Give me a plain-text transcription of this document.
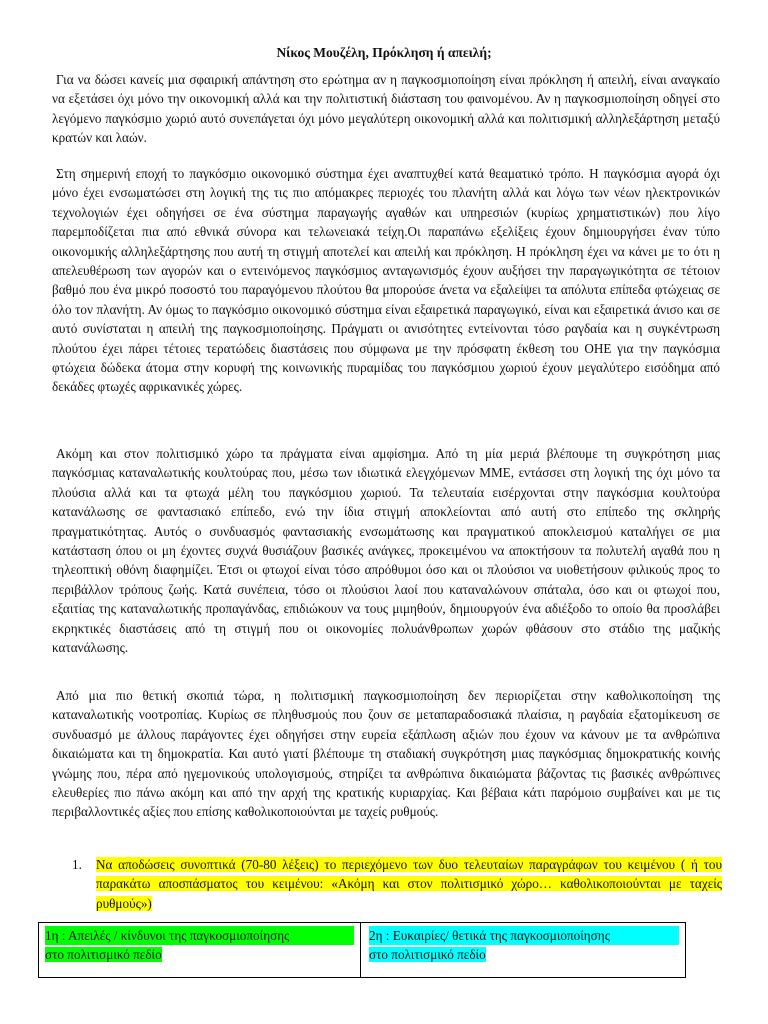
Νίκος Μουζέλη, Πρόκληση ή απειλή;
Για να δώσει κανείς μια σφαιρική απάντηση στο ερώτημα αν η παγκοσμιοποίηση είναι πρόκληση ή απειλή, είναι αναγκαίο να εξετάσει όχι μόνο την οικονομική αλλά και την πολιτιστική διάσταση του φαινομένου. Αν η παγκοσμιοποίηση οδηγεί στο λεγόμενο παγκόσμιο χωριό αυτό συνεπάγεται όχι μόνο μεγαλύτερη οικονομική αλλά και πολιτισμική αλληλεξάρτηση μεταξύ κρατών και λαών.
Στη σημερινή εποχή το παγκόσμιο οικονομικό σύστημα έχει αναπτυχθεί κατά θεαματικό τρόπο. Η παγκόσμια αγορά όχι μόνο έχει ενσωματώσει στη λογική της τις πιο απόμακρες περιοχές του πλανήτη αλλά και λόγω των νέων ηλεκτρονικών τεχνολογιών έχει οδηγήσει σε ένα σύστημα παραγωγής αγαθών και υπηρεσιών (κυρίως χρηματιστικών) που λίγο παρεμποδίζεται πια από εθνικά σύνορα και τελωνειακά τείχη.Οι παραπάνω εξελίξεις έχουν δημιουργήσει έναν τύπο οικονομικής αλληλεξάρτησης που αυτή τη στιγμή αποτελεί και απειλή και πρόκληση. Η πρόκληση έχει να κάνει με το ότι η απελευθέρωση των αγορών και ο εντεινόμενος παγκόσμιος ανταγωνισμός έχουν αυξήσει την παραγωγικότητα σε τέτοιον βαθμό που ένα μικρό ποσοστό του παραγόμενου πλούτου θα μπορούσε άνετα να εξαλείψει τα απόλυτα επίπεδα φτώχειας σε όλο τον πλανήτη. Αν όμως το παγκόσμιο οικονομικό σύστημα είναι εξαιρετικά παραγωγικό, είναι και εξαιρετικά άνισο και σε αυτό συνίσταται η απειλή της παγκοσμιοποίησης. Πράγματι οι ανισότητες εντείνονται τόσο ραγδαία και η συγκέντρωση πλούτου έχει πάρει τέτοιες τερατώδεις διαστάσεις που σύμφωνα με την πρόσφατη έκθεση του ΟΗΕ για την παγκόσμια φτώχεια δώδεκα άτομα στην κορυφή της κοινωνικής πυραμίδας του παγκόσμιου χωριού έχουν μεγαλύτερο εισόδημα από δεκάδες φτωχές αφρικανικές χώρες.
Ακόμη και στον πολιτισμικό χώρο τα πράγματα είναι αμφίσημα. Από τη μία μεριά βλέπουμε τη συγκρότηση μιας παγκόσμιας καταναλωτικής κουλτούρας που, μέσω των ιδιωτικά ελεγχόμενων ΜΜΕ, εντάσσει στη λογική της όχι μόνο τα πλούσια αλλά και τα φτωχά μέλη του παγκόσμιου χωριού. Τα τελευταία εισέρχονται στην παγκόσμια κουλτούρα κατανάλωσης σε φαντασιακό επίπεδο, ενώ την ίδια στιγμή αποκλείονται από αυτή στο επίπεδο της σκληρής πραγματικότητας. Αυτός ο συνδυασμός φαντασιακής ενσωμάτωσης και πραγματικού αποκλεισμού καταλήγει σε μια κατάσταση όπου οι μη έχοντες συχνά θυσιάζουν βασικές ανάγκες, προκειμένου να αποκτήσουν τα πολυτελή αγαθά που η τηλεοπτική οθόνη διαφημίζει. Έτσι οι φτωχοί είναι τόσο απρόθυμοι όσο και οι πλούσιοι να υιοθετήσουν φιλικούς προς το περιβάλλον τρόπους ζωής. Κατά συνέπεια, τόσο οι πλούσιοι λαοί που καταναλώνουν σπάταλα, όσο και οι φτωχοί που, εξαιτίας της καταναλωτικής προπαγάνδας, επιδιώκουν να τους μιμηθούν, δημιουργούν ένα αδιέξοδο το οποίο θα προσλάβει εκρηκτικές διαστάσεις από τη στιγμή που οι οικονομίες πολυάνθρωπων χωρών φθάσουν στο στάδιο της μαζικής κατανάλωσης.
Από μια πιο θετική σκοπιά τώρα, η πολιτισμική παγκοσμιοποίηση δεν περιορίζεται στην καθολικοποίηση της καταναλωτικής νοοτροπίας. Κυρίως σε πληθυσμούς που ζουν σε μεταπαραδοσιακά πλαίσια, η ραγδαία εξατομίκευση σε συνδυασμό με άλλους παράγοντες έχει οδηγήσει στην ευρεία εξάπλωση αξιών που έχουν να κάνουν με τα ανθρώπινα δικαιώματα και τη δημοκρατία. Και αυτό γιατί βλέπουμε τη σταδιακή συγκρότηση μιας παγκόσμιας δημοκρατικής κοινής γνώμης που, πέρα από ηγεμονικούς υπολογισμούς, στηρίζει τα ανθρώπινα δικαιώματα βάζοντας τις βασικές ανθρώπινες ελευθερίες πιο πάνω ακόμη και από την αρχή της κρατικής κυριαρχίας. Και βέβαια κάτι παρόμοιο συμβαίνει και με τις περιβαλλοντικές αξίες που επίσης καθολικοποιούνται με ταχείς ρυθμούς.
1.	Να αποδώσεις συνοπτικά (70-80 λέξεις) το περιεχόμενο των δυο τελευταίων παραγράφων του κειμένου ( ή του παρακάτω αποσπάσματος του κειμένου: «Ακόμη και στον πολιτισμικό χώρο… καθολικοποιούνται με ταχείς ρυθμούς»)
1η : Απειλές / κίνδυνοι της παγκοσμιοποίησης
στο πολιτισμικό πεδίο
2η : Ευκαιρίες/ θετικά της παγκοσμιοποίησης
στο πολιτισμικό πεδίο
